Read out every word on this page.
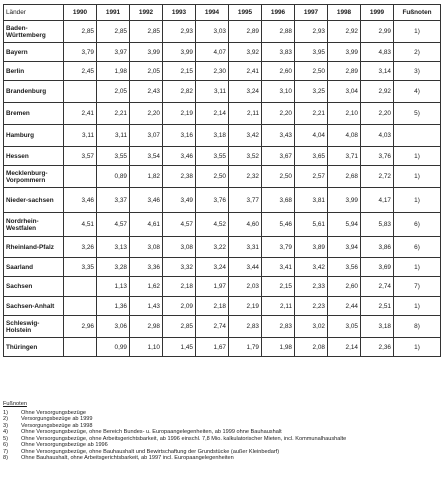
Länder	1990	1991	1992	1993	1994	1995	1996	1997	1998	1999	Fußnoten
Baden-Württemberg	2,85	2,85	2,85	2,93	3,03	2,89	2,88	2,93	2,92	2,99	1)
Bayern	3,79	3,97	3,99	3,99	4,07	3,92	3,83	3,95	3,99	4,83	2)
Berlin	2,45	1,98	2,05	2,15	2,30	2,41	2,60	2,50	2,89	3,14	3)
Brandenburg		2,05	2,43	2,82	3,11	3,24	3,10	3,25	3,04	2,92	4)
Bremen	2,41	2,21	2,20	2,19	2,14	2,11	2,20	2,21	2,10	2,20	5)
Hamburg	3,11	3,11	3,07	3,16	3,18	3,42	3,43	4,04	4,08	4,03	
Hessen	3,57	3,55	3,54	3,46	3,55	3,52	3,67	3,65	3,71	3,76	1)
Mecklenburg-Vorpommern		0,89	1,82	2,38	2,50	2,32	2,50	2,57	2,68	2,72	1)
Nieder-sachsen	3,46	3,37	3,46	3,49	3,76	3,77	3,68	3,81	3,99	4,17	1)
Nordrhein-Westfalen	4,51	4,57	4,61	4,57	4,52	4,60	5,46	5,61	5,94	5,83	6)
Rheinland-Pfalz	3,26	3,13	3,08	3,08	3,22	3,31	3,79	3,89	3,94	3,86	6)
Saarland	3,35	3,28	3,36	3,32	3,24	3,44	3,41	3,42	3,56	3,69	1)
Sachsen		1,13	1,62	2,18	1,97	2,03	2,15	2,33	2,60	2,74	7)
Sachsen-Anhalt		1,36	1,43	2,09	2,18	2,19	2,11	2,23	2,44	2,51	1)
Schleswig-Holstein	2,96	3,06	2,98	2,85	2,74	2,83	2,83	3,02	3,05	3,18	8)
Thüringen		0,99	1,10	1,45	1,67	1,79	1,98	2,08	2,14	2,36	1)
Fußnoten
1)	Ohne Versorgungsbezüge
2)	Versorgungsbezüge ab 1999
3)	Versorgungsbezüge ab 1998
4)	Ohne Versorgungsbezüge, ohne Bereich Bundes- u. Europaangelegenheiten, ab 1999 ohne Bauhaushalt
5)	Ohne Versorgungsbezüge, ohne Arbeitsgerichtsbarkeit, ab 1996 einschl. 7,8 Mio. kalkulatorischer Mieten, incl. Kommunalhaushalte
6)	Ohne Versorgungsbezüge ab 1996
7)	Ohne Versorgungsbezüge, ohne Bauhaushalt und Bewirtschaftung der Grundstücke (außer Kleinbedarf)
8)	Ohne Bauhaushalt, ohne Arbeitsgerichtsbarkeit, ab 1997 incl. Europaangelegenheiten
